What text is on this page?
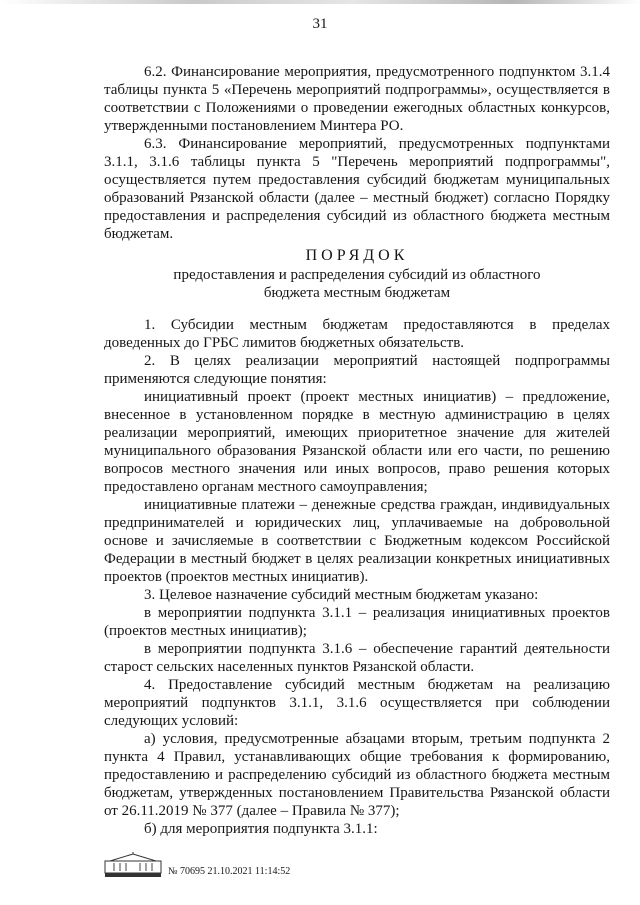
31

6.2. Финансирование мероприятия, предусмотренного подпунктом 3.1.4 таблицы пункта 5 «Перечень мероприятий подпрограммы», осуществляется в соответствии с Положениями о проведении ежегодных областных конкурсов, утвержденными постановлением Минтера РО.

6.3. Финансирование мероприятий, предусмотренных подпунктами 3.1.1, 3.1.6 таблицы пункта 5 "Перечень мероприятий подпрограммы", осуществляется путем предоставления субсидий бюджетам муниципальных образований Рязанской области (далее – местный бюджет) согласно Порядку предоставления и распределения субсидий из областного бюджета местным бюджетам.

ПОРЯДОК
предоставления и распределения субсидий из областного
бюджета местным бюджетам

1. Субсидии местным бюджетам предоставляются в пределах доведенных до ГРБС лимитов бюджетных обязательств.

2. В целях реализации мероприятий настоящей подпрограммы применяются следующие понятия:

инициативный проект (проект местных инициатив) – предложение, внесенное в установленном порядке в местную администрацию в целях реализации мероприятий, имеющих приоритетное значение для жителей муниципального образования Рязанской области или его части, по решению вопросов местного значения или иных вопросов, право решения которых предоставлено органам местного самоуправления;

инициативные платежи – денежные средства граждан, индивидуальных предпринимателей и юридических лиц, уплачиваемые на добровольной основе и зачисляемые в соответствии с Бюджетным кодексом Российской Федерации в местный бюджет в целях реализации конкретных инициативных проектов (проектов местных инициатив).

3. Целевое назначение субсидий местным бюджетам указано:

в мероприятии подпункта 3.1.1 – реализация инициативных проектов (проектов местных инициатив);

в мероприятии подпункта 3.1.6 – обеспечение гарантий деятельности старост сельских населенных пунктов Рязанской области.

4. Предоставление субсидий местным бюджетам на реализацию мероприятий подпунктов 3.1.1, 3.1.6 осуществляется при соблюдении следующих условий:

а) условия, предусмотренные абзацами вторым, третьим подпункта 2 пункта 4 Правил, устанавливающих общие требования к формированию, предоставлению и распределению субсидий из областного бюджета местным бюджетам, утвержденных постановлением Правительства Рязанской области от 26.11.2019 № 377 (далее – Правила № 377);

б) для мероприятия подпункта 3.1.1:

№ 70695 21.10.2021 11:14:52
